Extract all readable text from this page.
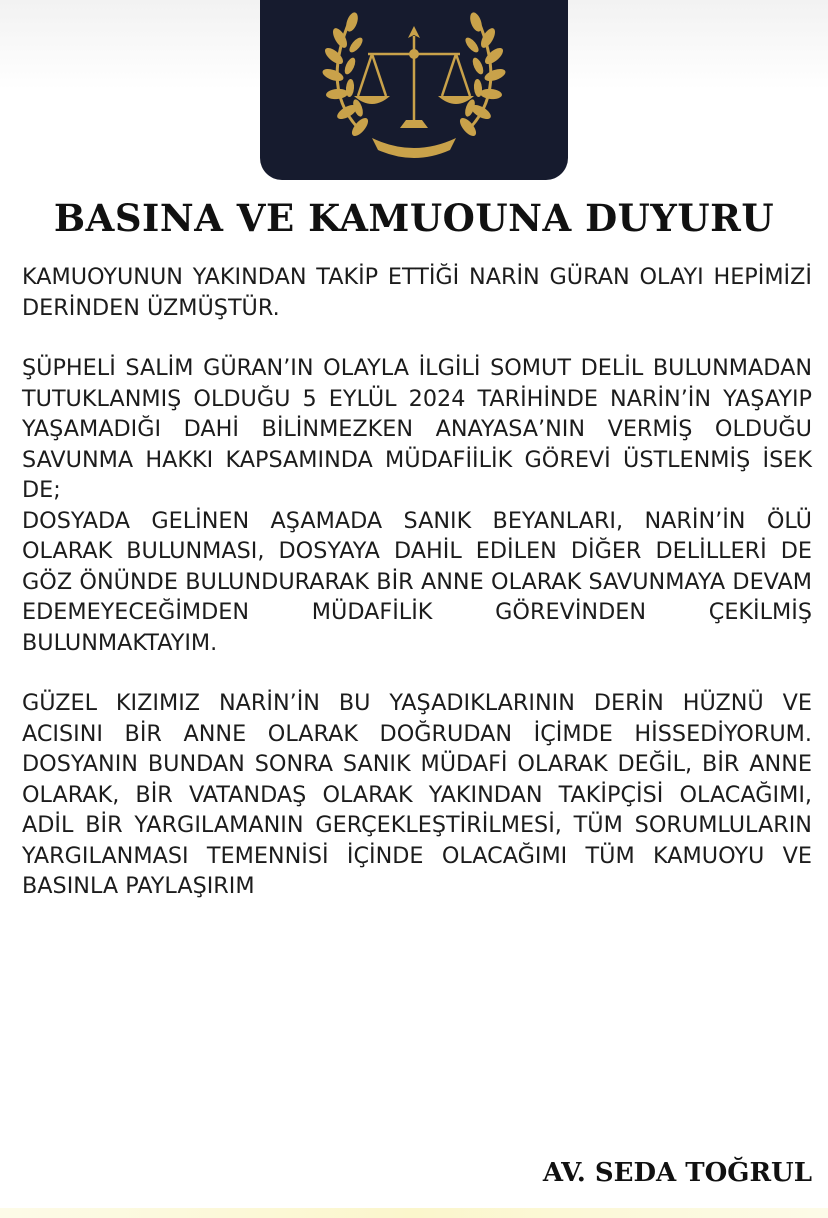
BASINA VE KAMUOUNA DUYURU

KAMUOYUNUN YAKINDAN TAKİP ETTİĞİ NARİN GÜRAN OLAYI HEPİMİZİ DERİNDEN ÜZMÜŞTÜR.

ŞÜPHELİ SALİM GÜRAN’IN OLAYLA İLGİLİ SOMUT DELİL BULUNMADAN TUTUKLANMIŞ OLDUĞU 5 EYLÜL 2024 TARİHİNDE NARİN’İN YAŞAYIP YAŞAMADIĞI DAHİ BİLİNMEZKEN ANAYASA’NIN VERMİŞ OLDUĞU SAVUNMA HAKKI KAPSAMINDA MÜDAFİİLİK GÖREVİ ÜSTLENMİŞ İSEK DE;

DOSYADA GELİNEN AŞAMADA SANIK BEYANLARI, NARİN’İN ÖLÜ OLARAK BULUNMASI, DOSYAYA DAHİL EDİLEN DİĞER DELİLLERİ DE GÖZ ÖNÜNDE BULUNDURARAK BİR ANNE OLARAK SAVUNMAYA DEVAM EDEMEYECEĞİMDEN MÜDAFİLİK GÖREVİNDEN ÇEKİLMİŞ BULUNMAKTAYIM.

GÜZEL KIZIMIZ NARİN’İN BU YAŞADIKLARININ DERİN HÜZNÜ VE ACISINI BİR ANNE OLARAK DOĞRUDAN İÇİMDE HİSSEDİYORUM. DOSYANIN BUNDAN SONRA SANIK MÜDAFİ OLARAK DEĞİL, BİR ANNE OLARAK, BİR VATANDAŞ OLARAK YAKINDAN TAKİPÇİSİ OLACAĞIMI, ADİL BİR YARGILAMANIN GERÇEKLEŞTİRİLMESİ, TÜM SORUMLULARIN YARGILANMASI TEMENNİSİ İÇİNDE OLACAĞIMI TÜM KAMUOYU VE BASINLA PAYLAŞIRIM

AV. SEDA TOĞRUL
